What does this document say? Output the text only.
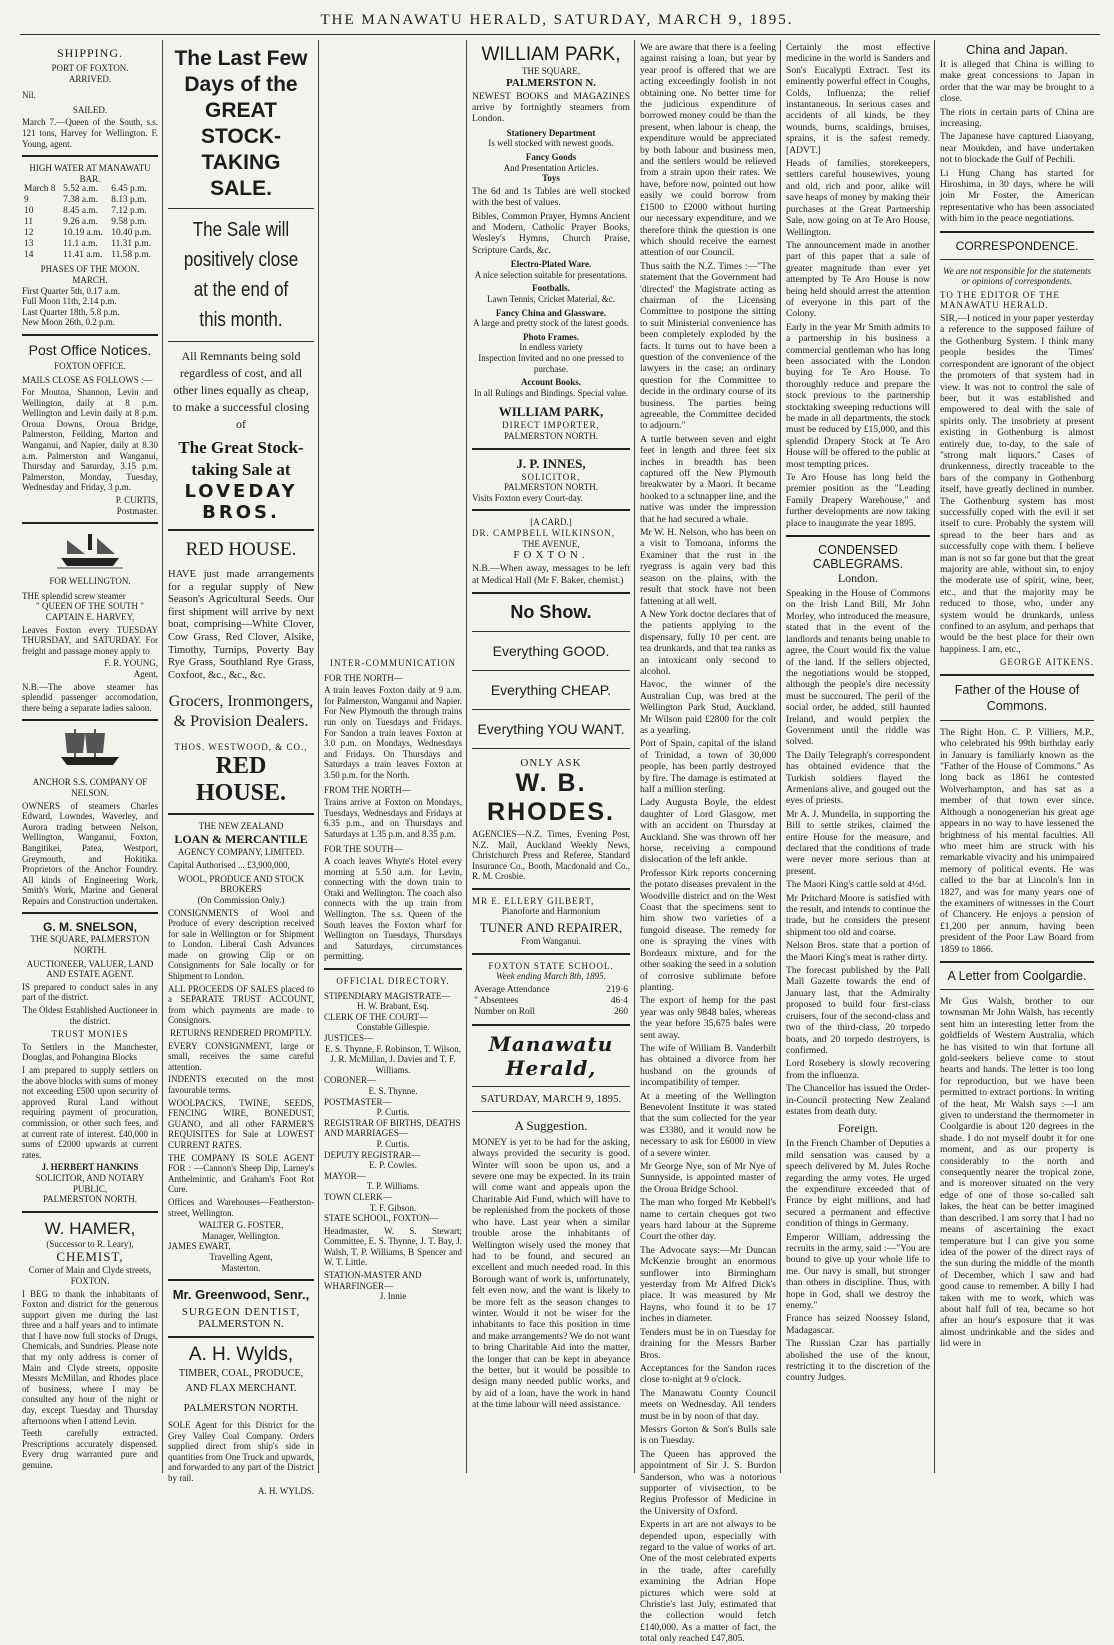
THE MANAWATU HERALD, SATURDAY, MARCH 9, 1895.
SHIPPING.
PORT OF FOXTON.
ARRIVED.
Nil.
SAILED.
March 7.—Queen of the South, s.s. 121 tons, Harvey for Wellington. F. Young, agent.
HIGH WATER AT MANAWATU BAR.
March 8	5.52 a.m.	6.45 p.m.
9	7.38 a.m.	8.13 p.m.
10	8.45 a.m.	7.12 p.m.
11	9.26 a.m.	9.58 p.m.
12	10.19 a.m.	10.40 p.m.
13	11.1 a.m.	11.31 p.m.
14	11.41 a.m.	11.58 p.m.
PHASES OF THE MOON.
MARCH.
First Quarter 5th, 0.17 a.m.
Full Moon 11th, 2.14 p.m.
Last Quarter 18th, 5.8 p.m.
New Moon 26th, 0.2 p.m.
Post Office Notices.
FOXTON OFFICE.
MAILS CLOSE AS FOLLOWS :—
For Moutoa, Shannon, Levin and Wellington, daily at 8 p.m. Wellington and Levin daily at 8 p.m. Oroua Downs, Oroua Bridge, Palmerston, Feilding, Marton and Wanganui, and Napier, daily at 8.30 a.m. Palmerston and Wanganui, Thursday and Saturday, 3.15 p.m. Palmerston, Monday, Tuesday, Wednesday and Friday, 3 p.m.
P. CURTIS,
Postmaster.
FOR WELLINGTON.
THE splendid screw steamer
" QUEEN OF THE SOUTH "
CAPTAIN E. HARVEY,
Leaves Foxton every TUESDAY THURSDAY, and SATURDAY. For freight and passage money apply to
F. R. YOUNG,
Agent,
N.B.—The above steamer has splendid passenger accomodation, there being a separate ladies saloon.
ANCHOR S.S. COMPANY OF NELSON.
OWNERS of steamers Charles Edward, Lowndes, Waverley, and Aurora trading between Nelson, Wellington, Wanganui, Foxton, Bangitikei, Patea, Westport, Greymouth, and Hokitika. Proprietors of the Anchor Foundry. All kinds of Engineering Work, Smith's Work, Marine and General Repairs and Construction undertaken.
G. M. SNELSON,
THE SQUARE, PALMERSTON NORTH.
AUCTIONEER, VALUER, LAND AND ESTATE AGENT.
IS prepared to conduct sales in any part of the district.
The Oldest Established Auctioneer in the district.
TRUST MONIES
To Settlers in the Manchester, Douglas, and Pohangina Blocks
I am prepared to supply settlers on the above blocks with sums of money not exceeding £500 upon security of approved Rural Land without requiring payment of procuration, commission, or other such fees, and at current rate of interest. £40,000 in sums of £2000 upwards at current rates.
J. HERBERT HANKINS
SOLICITOR, AND NOTARY PUBLIC,
PALMERSTON NORTH.
W. HAMER,
(Successor to R. Leary),
CHEMIST,
Corner of Main and Clyde streets,
FOXTON.
I BEG to thank the inhabitants of Foxton and district for the generous support given me during the last three and a half years and to intimate that I have now full stocks of Drugs, Chemicals, and Sundries. Please note that my only address is corner of Main and Clyde streets, opposite Messrs McMillan, and Rhodes place of business, where I may be consulted any hour of the night or day, except Tuesday and Thursday afternoons when I attend Levin.
Teeth carefully extracted. Prescriptions accurately dispensed. Every drug warranted pure and genuine.
The Last Few Days of the GREAT STOCK-TAKING SALE.
The Sale will positively close at the end of this month.
All Remnants being sold regardless of cost, and all other lines equally as cheap, to make a successful closing of
The Great Stock-taking Sale at
LOVEDAY BROS.
RED HOUSE.
HAVE just made arrangements for a regular supply of New Season's Agricultural Seeds. Our first shipment will arrive by next boat, comprising—White Clover, Cow Grass, Red Clover, Alsike, Timothy, Turnips, Poverty Bay Rye Grass, Southland Rye Grass, Coxfoot, &c., &c., &c.
Grocers, Ironmongers, & Provision Dealers.
THOS. WESTWOOD, & CO.,
RED HOUSE.
THE NEW ZEALAND
LOAN & MERCANTILE
AGENCY COMPANY, LIMITED.
Capital Authorised ... £3,900,000,
WOOL, PRODUCE AND STOCK BROKERS
(On Commission Only.)
CONSIGNMENTS of Wool and Produce of every description received for sale in Wellington or for Shipment to London. Liberal Cash Advances made on growing Clip or on Consignments for Sale locally or for Shipment to London.
ALL PROCEEDS OF SALES placed to a SEPARATE TRUST ACCOUNT, from which payments are made to Consignors.
RETURNS RENDERED PROMPTLY.
EVERY CONSIGNMENT, large or small, receives the same careful attention.
INDENTS executed on the most favourable terms.
WOOLPACKS, TWINE, SEEDS, FENCING WIRE, BONEDUST, GUANO, and all other FARMER'S REQUISITES for Sale at LOWEST CURRENT RATES.
THE COMPANY IS SOLE AGENT FOR : —Cannon's Sheep Dip, Larney's Anthelmintic, and Graham's Foot Rot Cure.
Offices and Warehouses—Featherston-street, Wellington.
WALTER G. FOSTER,
Manager, Wellington.
JAMES EWART,
Travelling Agent,
Masterton.
Mr. Greenwood, Senr.,
SURGEON DENTIST,
PALMERSTON N.
A. H. Wylds,
TIMBER, COAL, PRODUCE, AND FLAX MERCHANT.
PALMERSTON NORTH.
SOLE Agent for this District for the Grey Valley Coal Company. Orders supplied direct from ship's side in quantities from One Truck and upwards, and forwarded to any part of the District by rail.
A. H. WYLDS.
INTER-COMMUNICATION
FOR THE NORTH—
A train leaves Foxton daily at 9 a.m. for Palmerston, Wanganui and Napier. For New Plymouth the through trains run only on Tuesdays and Fridays. For Sandon a train leaves Foxton at 3.0 p.m. on Mondays, Wednesdays and Fridays. On Thursdays and Saturdays a train leaves Foxton at 3.50 p.m. for the North.
FROM THE NORTH—
Trains arrive at Foxton on Mondays, Tuesdays, Wednesdays and Fridays at 6.35 p.m., and on Thursdays and Saturdays at 1.35 p.m. and 8.35 p.m.
FOR THE SOUTH—
A coach leaves Whyte's Hotel every morning at 5.50 a.m. for Levin, connecting with the down train to Otaki and Wellington. The coach also connects with the up train from Wellington. The s.s. Queen of the South leaves the Foxton wharf for Wellington on Tuesdays, Thursdays and Saturdays, circumstances permitting.
OFFICIAL DIRECTORY.
STIPENDIARY MAGISTRATE—
H. W. Brabant, Esq.
CLERK OF THE COURT—
Constable Gillespie.
JUSTICES—
E. S. Thynne, F. Robinson, T. Wilson, J. R. McMillan, J. Davies and T. F. Williams.
CORONER—
E. S. Thynne.
POSTMASTER—
P. Curtis.
REGISTRAR OF BIRTHS, DEATHS AND MARRIAGES—
P. Curtis.
DEPUTY REGISTRAR—
E. P. Cowles.
MAYOR—
T. P. Williams.
TOWN CLERK—
T. F. Gibson.
STATE SCHOOL, FOXTON—
Headmaster, W. S. Stewart; Committee, E. S. Thynne, J. T. Bay, J. Walsh, T. P. Williams, B Spencer and W. T. Little.
STATION-MASTER AND WHARFINGER—
J. Innie
WILLIAM PARK,
THE SQUARE,
PALMERSTON N.
NEWEST BOOKS and MAGAZINES arrive by fortnightly steamers from London.
Stationery Department
Is well stocked with newest goods.
Fancy Goods
And Presentation Articles.
Toys
The 6d and 1s Tables are well stocked with the best of values.
Bibles, Common Prayer, Hymns Ancient and Modern, Catholic Prayer Books, Wesley's Hymns, Church Praise, Scripture Cards, &c.
Electro-Plated Ware.
A nice selection suitable for presentations.
Footballs.
Lawn Tennis, Cricket Material, &c.
Fancy China and Glassware.
A large and pretty stock of the latest goods.
Photo Frames.
In endless variety
Inspection Invited and no one pressed to purchase.
Account Books.
In all Rulings and Bindings. Special value.
WILLIAM PARK,
DIRECT IMPORTER,
PALMERSTON NORTH.
J. P. INNES,
SOLICITOR,
PALMERSTON NORTH.
Visits Foxton every Court-day.
[A CARD.]
DR. CAMPBELL WILKINSON,
THE AVENUE,
FOXTON.
N.B.—When away, messages to be left at Medical Hall (Mr F. Baker, chemist.)
No Show.
Everything GOOD.
Everything CHEAP.
Everything YOU WANT.
ONLY ASK
W. B. RHODES.
AGENCIES—N.Z. Times, Evening Post, N.Z. Mail, Auckland Weekly News, Christchurch Press and Referee, Standard Insurance Co., Booth, Macdonald and Co., R. M. Crosbie.
MR E. ELLERY GILBERT,
Pianoforte and Harmonium
TUNER AND REPAIRER,
From Wanganui.
FOXTON STATE SCHOOL.
Week ending March 8th, 1895.
Average Attendance	219·6
" Absentees	46·4
Number on Roll	260
Manawatu Herald,
SATURDAY, MARCH 9, 1895.
A Suggestion.
MONEY is yet to be had for the asking, always provided the security is good. Winter will soon be upon us, and a severe one may be expected. In its train will come want and appeals upon the Charitable Aid Fund, which will have to be replenished from the pockets of those who have. Last year when a similar trouble arose the inhabitants of Wellington wisely used the money that had to be found, and secured an excellent and much needed road. In this Borough want of work is, unfortunately, felt even now, and the want is likely to be more felt as the season changes to winter. Would it not be wiser for the inhabitants to face this position in time and make arrangements? We do not want to bring Charitable Aid into the matter, the longer that can be kept in abeyance the better, but it would be possible to design many needed public works, and by aid of a loan, have the work in hand at the time labour will need assistance.
We are aware that there is a feeling against raising a loan, but year by year proof is offered that we are acting exceedingly foolish in not obtaining one. No better time for the judicious expenditure of borrowed money could be than the present, when labour is cheap, the expenditure would be appreciated by both labour and business men, and the settlers would be relieved from a strain upon their rates. We have, before now, pointed out how easily we could borrow from £1500 to £2000 without hurting our necessary expenditure, and we therefore think the question is one which should receive the earnest attention of our Council.
Thus saith the N.Z. Times :—"The statement that the Government had 'directed' the Magistrate acting as chairman of the Licensing Committee to postpone the sitting to suit Ministerial convenience has been completely exploded by the facts. It turns out to have been a question of the convenience of the lawyers in the case; an ordinary question for the Committee to decide in the ordinary course of its business. The parties being agreeable, the Committee decided to adjourn."
A turtle between seven and eight feet in length and three feet six inches in breadth has been captured off the New Plymouth breakwater by a Maori. It became hooked to a schnapper line, and the native was under the impression that he had secured a whale.
Mr W. H. Nelson, who has been on a visit to Tomoana, informs the Examiner that the rust in the ryegrass is again very bad this season on the plains, with the result that stock have not been fattening at all well.
A New York doctor declares that of the patients applying to the dispensary, fully 10 per cent. are tea drunkards, and that tea ranks as an intoxicant only second to alcohol.
Havoc, the winner of the Australian Cup, was bred at the Wellington Park Stud, Auckland. Mr Wilson paid £2800 for the colt as a yearling.
Port of Spain, capital of the island of Trinidad, a town of 30,000 people, has been partly destroyed by fire. The damage is estimated at half a million sterling.
Lady Augusta Boyle, the eldest daughter of Lord Glasgow, met with an accident on Thursday at Auckland. She was thrown off her horse, receiving a compound dislocation of the left ankle.
Professor Kirk reports concerning the potato diseases prevalent in the Woodville district and on the West Coast that the specimens sent to him show two varieties of a fungoid disease. The remedy for one is spraying the vines with Bordeaux mixture, and for the other soaking the seed in a solution of corrosive sublimate before planting.
The export of hemp for the past year was only 9848 bales, whereas the year before 35,675 bales were sent away.
The wife of William B. Vanderbilt has obtained a divorce from her husband on the grounds of incompatibility of temper.
At a meeting of the Wellington Benevolent Institute it was stated that the sum collected for the year was £3380, and it would now be necessary to ask for £6000 in view of a severe winter.
Mr George Nye, son of Mr Nye of Sunnyside, is appointed master of the Oroua Bridge School.
The man who forged Mr Kebbell's name to certain cheques got two years hard labour at the Supreme Court the other day.
The Advocate says:—Mr Duncan McKenzie brought an enormous sunflower into Birmingham yesterday from Mr Alfred Dick's place. It was measured by Mr Hayns, who found it to be 17 inches in diameter.
Tenders must be in on Tuesday for draining for the Messrs Barber Bros.
Acceptances for the Sandon races close to-night at 9 o'clock.
The Manawatu County Council meets on Wednesday. All tenders must be in by noon of that day.
Messrs Gorton & Son's Bulls sale is on Tuesday.
The Queen has approved the appointment of Sir J. S. Burdon Sanderson, who was a notorious supporter of vivisection, to be Regius Professor of Medicine in the University of Oxford.
Experts in art are not always to be depended upon, especially with regard to the value of works of art. One of the most celebrated experts in the trade, after carefully examining the Adrian Hope pictures which were sold at Christie's last July, estimated that the collection would fetch £140,000. As a matter of fact, the total only reached £47,805.
Certainly the most effective medicine in the world is Sanders and Son's Eucalypti Extract. Test its eminently powerful effect in Coughs, Colds, Influenza; the relief instantaneous. In serious cases and accidents of all kinds, be they wounds, burns, scaldings, bruises, sprains, it is the safest remedy. [ADVT.]
Heads of families, storekeepers, settlers careful housewives, young and old, rich and poor, alike will save heaps of money by making their purchases at the Great Partnership Sale, now going on at Te Aro House, Wellington.
The announcement made in another part of this paper that a sale of greater magnitude than ever yet attempted by Te Aro House is now being held should arrest the attention of everyone in this part of the Colony.
Early in the year Mr Smith admits to a partnership in his business a commercial gentleman who has long been associated with the London buying for Te Aro House. To thoroughly reduce and prepare the stock previous to the partnership stocktaking sweeping reductions will be made in all departments, the stock must be reduced by £15,000, and this splendid Drapery Stock at Te Aro House will be offered to the public at most tempting prices.
Te Aro House has long held the premier position as the "Leading Family Drapery Warehouse," and further developments are now taking place to inaugurate the year 1895.
CONDENSED CABLEGRAMS.
London.
Speaking in the House of Commons on the Irish Land Bill, Mr John Morley, who introduced the measure, stated that in the event of the landlords and tenants being unable to agree, the Court would fix the value of the land. If the sellers objected, the negotiations would be stopped, although the people's dire necessity must be succoured. The peril of the social order, he added, still haunted Ireland, and would perplex the Government until the riddle was solved.
The Daily Telegraph's correspondent has obtained evidence that the Turkish soldiers flayed the Armenians alive, and gouged out the eyes of priests.
Mr A. J. Mundella, in supporting the Bill to settle strikes, claimed the entire House for the measure, and declared that the conditions of trade were never more serious than at present.
The Maori King's cattle sold at 4½d.
Mr Pritchard Moore is satisfied with the result, and intends to continue the trade, but he considers the present shipment too old and coarse.
Nelson Bros. state that a portion of the Maori King's meat is rather dirty.
The forecast published by the Pall Mall Gazette towards the end of January last, that the Admiralty proposed to build four first-class cruisers, four of the second-class and two of the third-class, 20 torpedo boats, and 20 torpedo destroyers, is confirmed.
Lord Rosebery is slowly recovering from the influenza.
The Chancellor has issued the Order-in-Council protecting New Zealand estates from death duty.
Foreign.
In the French Chamber of Deputies a mild sensation was caused by a speech delivered by M. Jules Roche regarding the army votes. He urged the expenditure exceeded that of France by eight millions, and had secured a permanent and effective condition of things in Germany.
Emperor William, addressing the recruits in the army, said :—"You are bound to give up your whole life to me. Our navy is small, but stronger than others in discipline. Thus, with hope in God, shall we destroy the enemy."
France has seized Noossey Island, Madagascar.
The Russian Czar has partially abolished the use of the knout, restricting it to the discretion of the country Judges.
China and Japan.
It is alleged that China is willing to make great concessions to Japan in order that the war may be brought to a close.
The riots in certain parts of China are increasing.
The Japanese have captured Liaoyang, near Moukden, and have undertaken not to blockade the Gulf of Pechili.
Li Hung Chang has started for Hiroshima, in 30 days, where he will join Mr Foster, the American representative who has been associated with him in the peace negotiations.
CORRESPONDENCE.
We are not responsible for the statements or opinions of correspondents.
TO THE EDITOR OF THE MANAWATU HERALD.
SIR,—I noticed in your paper yesterday a reference to the supposed failure of the Gothenburg System. I think many people besides the Times' correspondent are ignorant of the object the promoters of that system had in view. It was not to control the sale of beer, but it was established and empowered to deal with the sale of spirits only. The insobriety at present existing in Gothenburg is almost entirely due, to-day, to the sale of "strong malt liquors." Cases of drunkenness, directly traceable to the bars of the company in Gothenburg itself, have greatly declined in number. The Gothenburg system has most successfully coped with the evil it set itself to cure. Probably the system will spread to the beer bars and as successfully cope with them. I believe man is not so far gone but that the great majority are able, without sin, to enjoy the moderate use of spirit, wine, beer, etc., and that the majority may be reduced to those, who, under any system would be drunkards, unless confined to an asylum, and perhaps that would be the best place for their own happiness. I am, etc.,
GEORGE AITKENS.
Father of the House of Commons.
The Right Hon. C. P. Villiers, M.P., who celebrated his 99th birthday early in January is familiarly known as the "Father of the House of Commons." As long back as 1861 he contested Wolverhampton, and has sat as a member of that town ever since. Although a nonogenerian his great age appears in no way to have lessened the brightness of his mental faculties. All who meet him are struck with his remarkable vivacity and his unimpaired memory of political events. He was called to the bar at Lincoln's Inn in 1827, and was for many years one of the examiners of witnesses in the Court of Chancery. He enjoys a pension of £1,200 per annum, having been president of the Poor Law Board from 1859 to 1866.
A Letter from Coolgardie.
Mr Gus Walsh, brother to our townsman Mr John Walsh, has recently sent him an interesting letter from the goldfields of Western Australia, which he has visited to win that fortune all gold-seekers believe come to stout hearts and hands. The letter is too long for reproduction, but we have been permitted to extract portions. In writing of the heat, Mr Walsh says :—I am given to understand the thermometer in Coolgardie is about 120 degrees in the shade. I do not myself doubt it for one moment, and as our property is considerably to the north and consequently nearer the tropical zone, and is moreover situated on the very edge of one of those so-called salt lakes, the heat can be better imagined than described. I am sorry that I had no means of ascertaining the exact temperature but I can give you some idea of the power of the direct rays of the sun during the middle of the month of December, which I saw and had good cause to remember. A billy I had taken with me to work, which was about half full of tea, became so hot after an hour's exposure that it was almost undrinkable and the sides and lid were in
